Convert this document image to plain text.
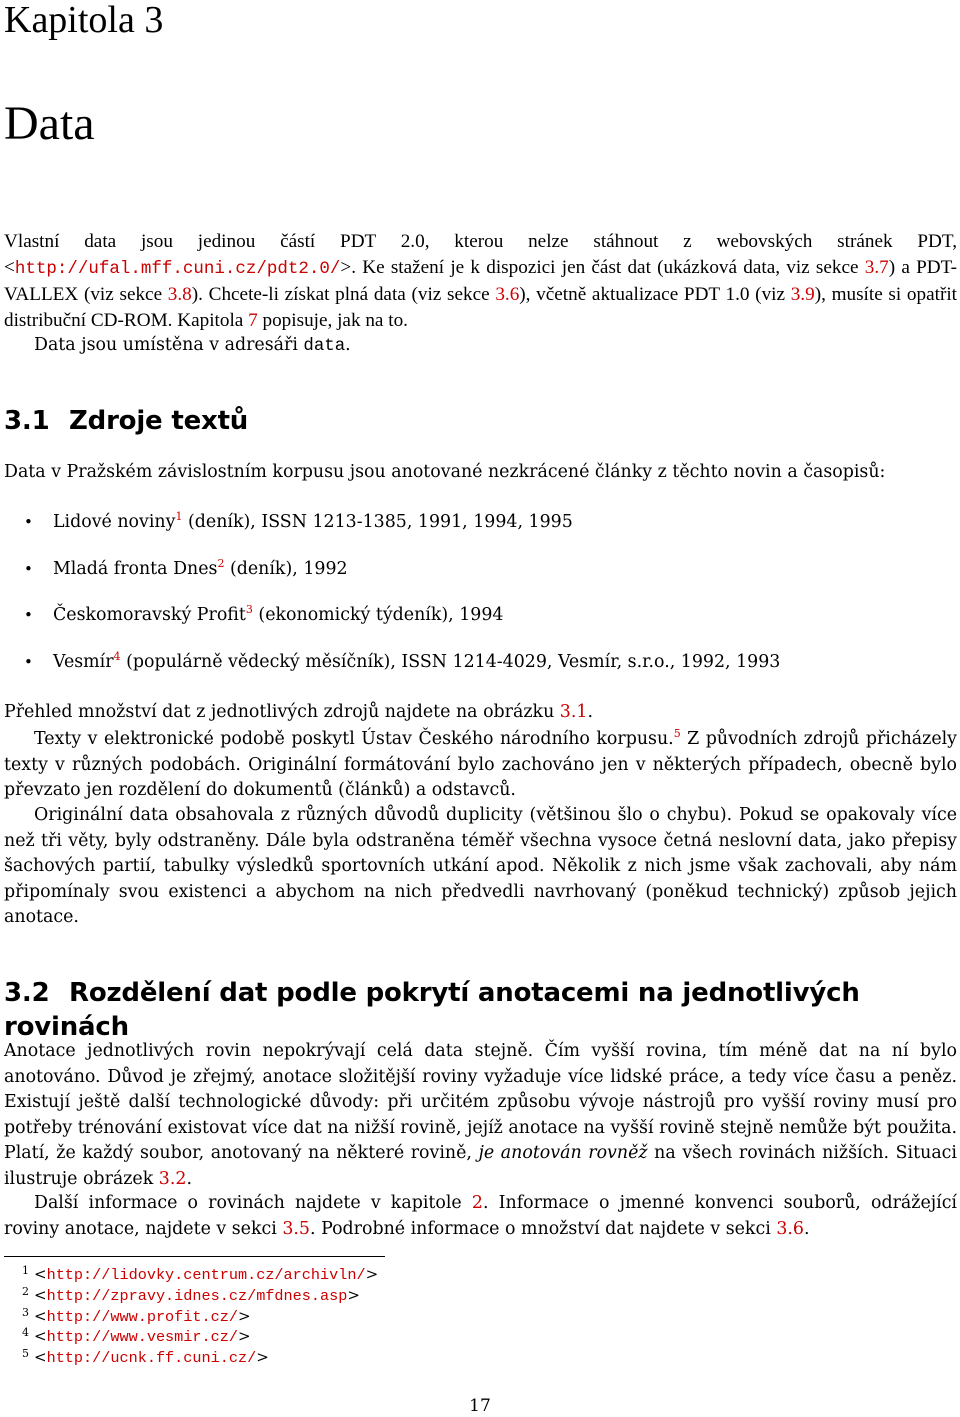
Kapitola 3
Data

Vlastní data jsou jedinou částí PDT 2.0, kterou nelze stáhnout z webovských stránek PDT, <http://ufal.mff.cuni.cz/pdt2.0/>. Ke stažení je k dispozici jen část dat (ukázková data, viz sekce 3.7) a PDT-VALLEX (viz sekce 3.8). Chcete-li získat plná data (viz sekce 3.6), včetně aktualizace PDT 1.0 (viz 3.9), musíte si opatřit distribuční CD-ROM. Kapitola 7 popisuje, jak na to.

Data jsou umístěna v adresáři data.

3.1 Zdroje textů

Data v Pražském závislostním korpusu jsou anotované nezkrácené články z těchto novin a časopisů:

• Lidové noviny$^1$ (deník), ISSN 1213-1385, 1991, 1994, 1995
• Mladá fronta Dnes$^2$ (deník), 1992
• Českomoravský Profit$^3$ (ekonomický týdeník), 1994
• Vesmír$^4$ (populárně vědecký měsíčník), ISSN 1214-4029, Vesmír, s.r.o., 1992, 1993

Přehled množství dat z jednotlivých zdrojů najdete na obrázku 3.1.

Texty v elektronické podobě poskytl Ústav Českého národního korpusu.$^5$ Z původních zdrojů přicházely texty v různých podobách. Originální formátování bylo zachováno jen v některých případech, obecně bylo převzato jen rozdělení do dokumentů (článků) a odstavců.

Originální data obsahovala z různých důvodů duplicity (většinou šlo o chybu). Pokud se opakovaly více než tři věty, byly odstraněny. Dále byla odstraněna téměř všechna vysoce četná neslovní data, jako přepisy šachových partií, tabulky výsledků sportovních utkání apod. Několik z nich jsme však zachovali, aby nám připomínaly svou existenci a abychom na nich předvedli navrhovaný (poněkud technický) způsob jejich anotace.

3.2 Rozdělení dat podle pokrytí anotacemi na jednotlivých rovinách

Anotace jednotlivých rovin nepokrývají celá data stejně. Čím vyšší rovina, tím méně dat na ní bylo anotováno. Důvod je zřejmý, anotace složitější roviny vyžaduje více lidské práce, a tedy více času a peněz. Existují ještě další technologické důvody: při určitém způsobu vývoje nástrojů pro vyšší roviny musí pro potřeby trénování existovat více dat na nižší rovině, jejíž anotace na vyšší rovině stejně nemůže být použita. Platí, že každý soubor, anotovaný na některé rovině, je anotován rovněž na všech rovinách nižších. Situaci ilustruje obrázek 3.2.

Další informace o rovinách najdete v kapitole 2. Informace o jmenné konvenci souborů, odrážející roviny anotace, najdete v sekci 3.5. Podrobné informace o množství dat najdete v sekci 3.6.

1 <http://lidovky.centrum.cz/archivln/>
2 <http://zpravy.idnes.cz/mfdnes.asp>
3 <http://www.profit.cz/>
4 <http://www.vesmir.cz/>
5 <http://ucnk.ff.cuni.cz/>
17
